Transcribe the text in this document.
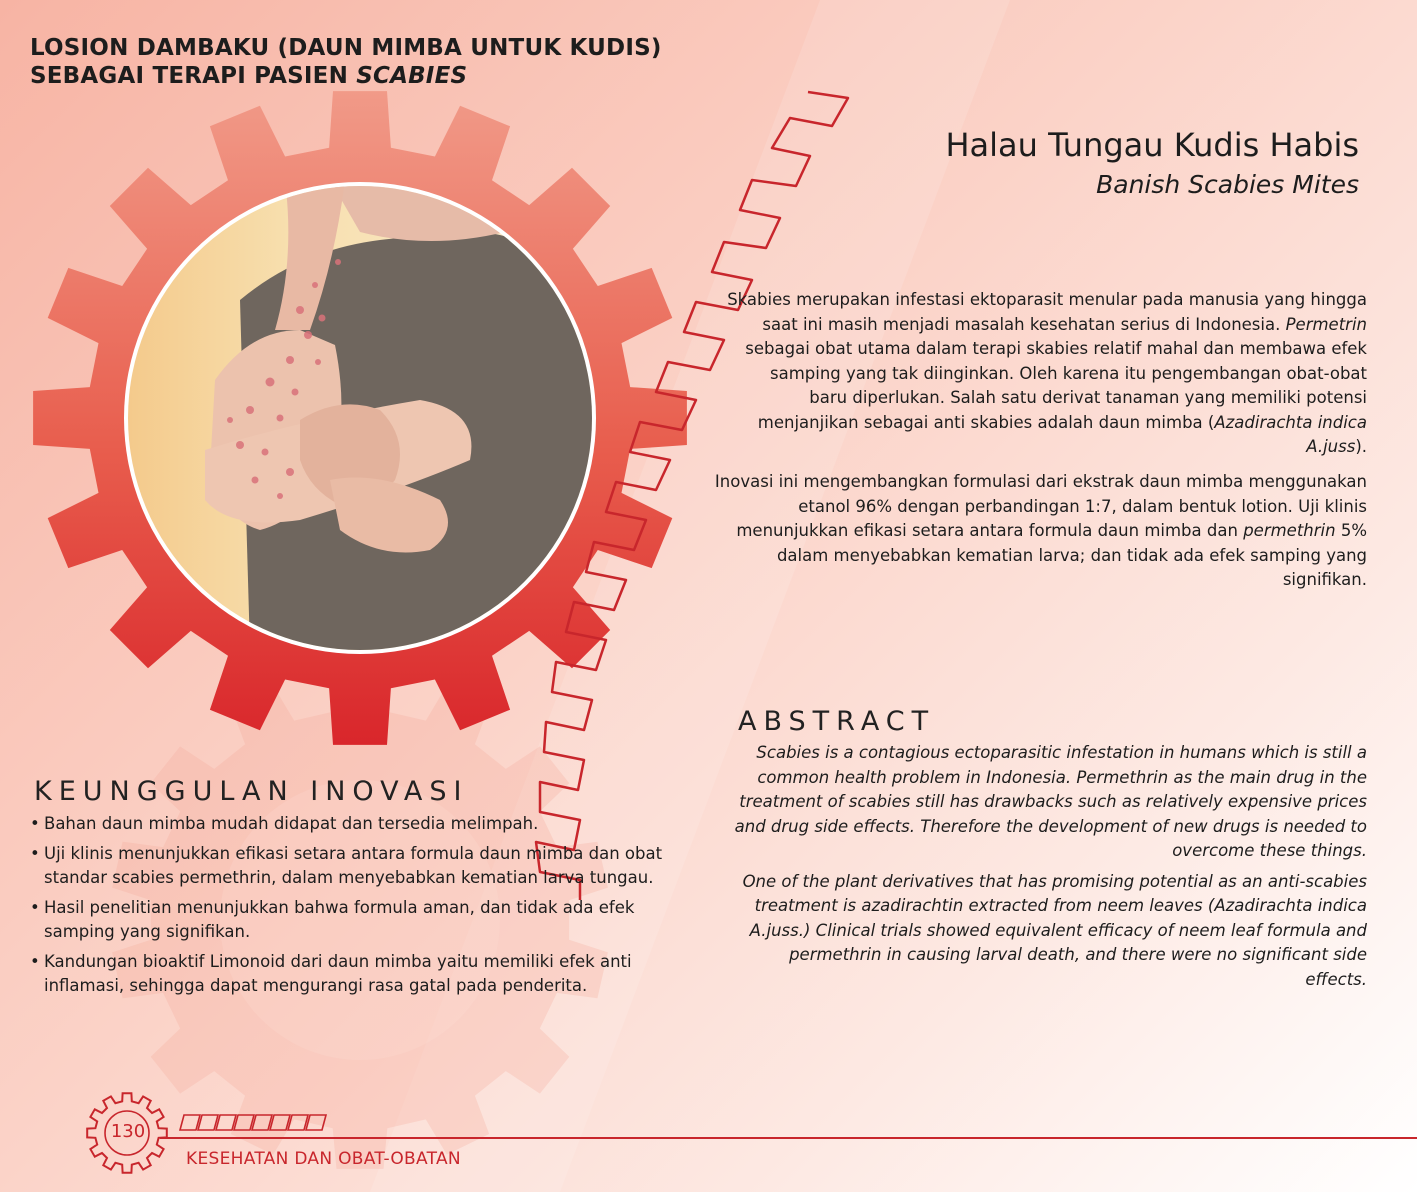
LOSION DAMBAKU (DAUN MIMBA UNTUK KUDIS)
SEBAGAI TERAPI PASIEN SCABIES
Halau Tungau Kudis Habis
Banish Scabies Mites

Skabies merupakan infestasi ektoparasit menular pada manusia yang hingga saat ini masih menjadi masalah kesehatan serius di Indonesia. Permetrin sebagai obat utama dalam terapi skabies relatif mahal dan membawa efek samping yang tak diinginkan. Oleh karena itu pengembangan obat-obat baru diperlukan. Salah satu derivat tanaman yang memiliki potensi menjanjikan sebagai anti skabies adalah daun mimba (Azadirachta indica A.juss).

Inovasi ini mengembangkan formulasi dari ekstrak daun mimba menggunakan etanol 96% dengan perbandingan 1:7, dalam bentuk lotion. Uji klinis menunjukkan efikasi setara antara formula daun mimba dan permethrin 5% dalam menyebabkan kematian larva; dan tidak ada efek samping yang signifikan.

ABSTRACT

Scabies is a contagious ectoparasitic infestation in humans which is still a common health problem in Indonesia. Permethrin as the main drug in the treatment of scabies still has drawbacks such as relatively expensive prices and drug side effects. Therefore the development of new drugs is needed to overcome these things.

One of the plant derivatives that has promising potential as an anti-scabies treatment is azadirachtin extracted from neem leaves (Azadirachta indica A.juss.) Clinical trials showed equivalent efficacy of neem leaf formula and permethrin in causing larval death, and there were no significant side effects.

KEUNGGULAN INOVASI
• Bahan daun mimba mudah didapat dan tersedia melimpah.
• Uji klinis menunjukkan efikasi setara antara formula daun mimba dan obat standar scabies permethrin, dalam menyebabkan kematian larva tungau.
• Hasil penelitian menunjukkan bahwa formula aman, dan tidak ada efek samping yang signifikan.
• Kandungan bioaktif Limonoid dari daun mimba yaitu memiliki efek anti inflamasi, sehingga dapat mengurangi rasa gatal pada penderita.
130
KESEHATAN DAN OBAT-OBATAN
